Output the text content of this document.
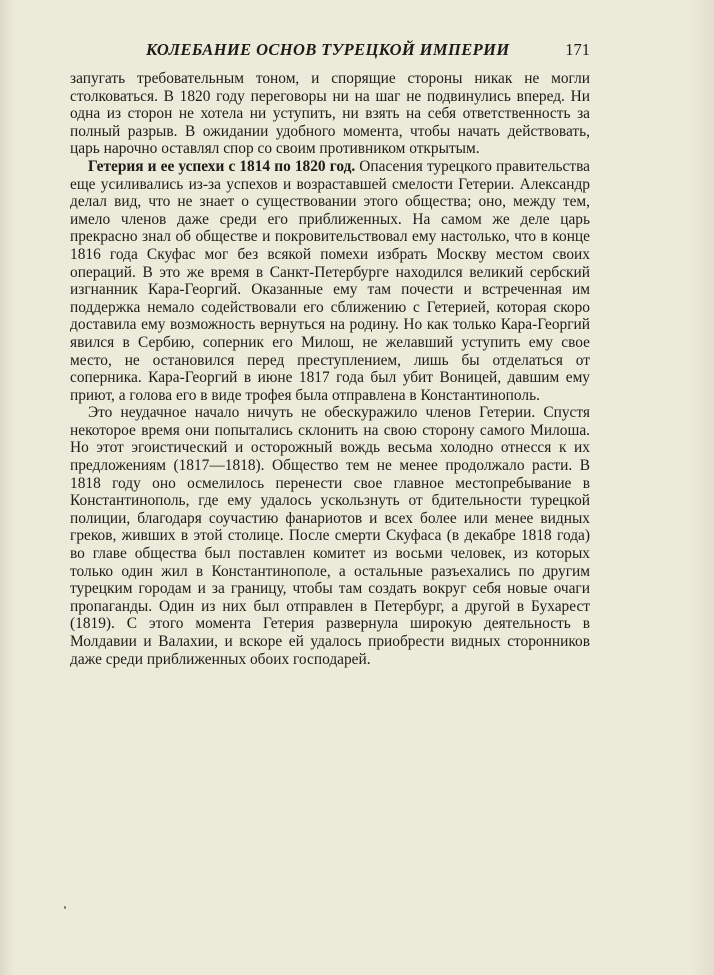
КОЛЕБАНИЕ ОСНОВ ТУРЕЦКОЙ ИМПЕРИИ	171

запугать требовательным тоном, и спорящие стороны никак не могли столковаться. В 1820 году переговоры ни на шаг не подвинулись вперед. Ни одна из сторон не хотела ни уступить, ни взять на себя ответственность за полный разрыв. В ожидании удобного момента, чтобы начать действовать, царь нарочно оставлял спор со своим противником открытым.

Гетерия и ее успехи с 1814 по 1820 год. Опасения турецкого правительства еще усиливались из-за успехов и возраставшей смелости Гетерии. Александр делал вид, что не знает о существовании этого общества; оно, между тем, имело членов даже среди его приближенных. На самом же деле царь прекрасно знал об обществе и покровительствовал ему настолько, что в конце 1816 года Скуфас мог без всякой помехи избрать Москву местом своих операций. В это же время в Санкт-Петербурге находился великий сербский изгнанник Кара-Георгий. Оказанные ему там почести и встреченная им поддержка немало содействовали его сближению с Гетерией, которая скоро доставила ему возможность вернуться на родину. Но как только Кара-Георгий явился в Сербию, соперник его Милош, не желавший уступить ему свое место, не остановился перед преступлением, лишь бы отделаться от соперника. Кара-Георгий в июне 1817 года был убит Воницей, давшим ему приют, а голова его в виде трофея была отправлена в Константинополь.

Это неудачное начало ничуть не обескуражило членов Гетерии. Спустя некоторое время они попытались склонить на свою сторону самого Милоша. Но этот эгоистический и осторожный вождь весьма холодно отнесся к их предложениям (1817—1818). Общество тем не менее продолжало расти. В 1818 году оно осмелилось перенести свое главное местопребывание в Константинополь, где ему удалось ускользнуть от бдительности турецкой полиции, благодаря соучастию фанариотов и всех более или менее видных греков, живших в этой столице. После смерти Скуфаса (в декабре 1818 года) во главе общества был поставлен комитет из восьми человек, из которых только один жил в Константинополе, а остальные разъехались по другим турецким городам и за границу, чтобы там создать вокруг себя новые очаги пропаганды. Один из них был отправлен в Петербург, а другой в Бухарест (1819). С этого момента Гетерия развернула широкую деятельность в Молдавии и Валахии, и вскоре ей удалось приобрести видных сторонников даже среди приближенных обоих господарей.
